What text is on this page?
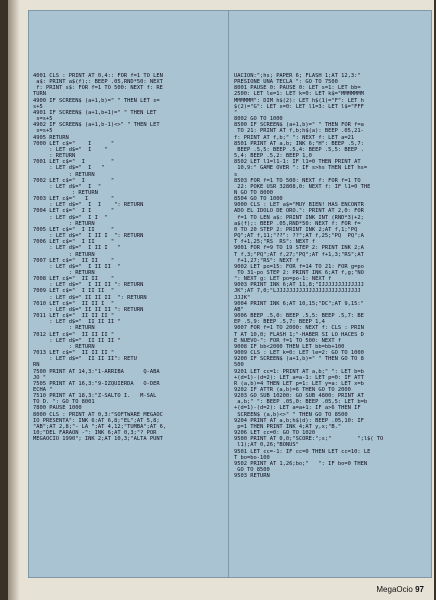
4001 CLS : PRINT AT 0,4:: FOR f=1 TO LEN
a$: PRINT a$(f);: BEEP .05,RND*50: NEXT
f: PRINT s$: FOR f=1 TO 500: NEXT f: RE
TURN
4900 IF SCREEN$ (a+1,b)=" " THEN LET s=
s+5
4901 IF SCREEN$ (a+1,b+1)=" " THEN LET
s=s+5
4902 IF SCREEN$ (a+1,b-1)<>" " THEN LET
s=s+5
4905 RETURN
7000 LET c$="    I      "
: LET d$="  I    "
: RETURN
7001 LET c$="  I        "
: LET d$="  I   "
: RETURN
7002 LET c$="  I        "
: LET d$="  I  "
: RETURN
7003 LET c$="   I       "
: LET d$="  I  I    ": RETURN
7004 LET c$="  I I      "
: LET d$="  I I  "
: RETURN
7005 LET c$="  I II     "
: LET d$="  I II I  ": RETURN
7006 LET c$="  I II     "
: LET d$="  I II I   "
: RETURN
7007 LET c$="  II II    "
: LET d$="  I II II  "
: RETURN
7008 LET c$="  II II    "
: LET d$="  I II II ": RETURN
7009 LET c$="  I II II  "
: LET d$=" II II II  ": RETURN
7010 LET c$="  II II I  "
: LET d$=" II II II ": RETURN
7011 LET c$="  II II II "
: LET d$="  II II II "
: RETURN
7012 LET c$="  II II II "
: LET d$="  II II II "
: RETURN
7013 LET c$="  II II II "
: LET d$="  II II II": RETU
RN
7500 PRINT AT 14,3:"1-ARRIBA      Q-ABA
JO "
7505 PRINT AT 16,3:"9-IZQUIERDA   O-DER
ECHA "
7510 PRINT AT 18,3:"Z-SALTO I.   M-SAL
TO D. ": GO TO 8001
7800 PAUSE 1000
8000 CLS : PRINT AT 0,3:"SOFTWARE MEGAOC
IO PRESENTA": INK 6:AT 6,8;"EL";AT 5,8;
"AB";AT 2,8;"- LA ";AT 4,12;"TUMBA";AT 6,
10;"DEL FARAON -": INK 6;AT 0,3;"? POR
MEGAOCIO 1990"; INK 2;AT 10,3;"ALTA PUNT
UACION:";hs; PAPER 6; FLASH 1;AT 12,3:"
PRESIONE UNA TECLA ": GO TO 7500
8001 PAUSE 0: PAUSE 0: LET s=1: LET bb=
2500: LET le=1: LET k=0: LET k$="MMMMMMM
MMMMMM": DIM h$(2): LET h$(1)="F": LET h
$(2)="G": LET s=0: LET l1=3: LET l$="FFF
"
8002 GO TO 1000
8500 IF SCREEN$ (a+1,b)=" " THEN FOR f=a
TO 21: PRINT AT f,b;h$(a): BEEP .05,21-
f: PRINT AT f,b;" ": NEXT f: LET a=21
8501 PRINT AT a,b; INK 6;"H": BEEP .5,7:
BEEP .5,5: BEEP .5,4: BEEP .5,5: BEEP .
5,4: BEEP .5,2: BEEP 1,0
8502 LET l1=l1-1: IF l1=0 THEN PRINT AT
10,9:" GAME OVER ": IF s>hs THEN LET hs=
s
8503 FOR f=1 TO 500: NEXT f: FOR f=1 TO
22: POKE USR 32808,0: NEXT f: IF l1=0 THE
N GO TO 8000
8504 GO TO 1000
9000 CLS : LET a$="MUY BIEN! HAS ENCONTR
ADO EL IDOLO DE ORO.": PRINT AT 2,0: FOR
f=1 TO LEN a$: PRINT INK INT (RND*3)+2;
a$(f);: BEEP .05,RND*50: NEXT f: FOR f=
0 TO 20 STEP 2: PRINT INK 2;AT f,1;"PQ
PQ";AT f,11;"??": ??";AT f,25;"PQ  PQ";A
T f+1,25;"RS  RS": NEXT f
9001 FOR f=9 TO 19 STEP 2: PRINT INK 2;A
T f,3;"PQ";AT f,27;"PQ";AT f+1,3;"RS";AT
f+1,27;"RS": NEXT f
9002 LET po=15: FOR f=14 TO 21: FOR g=po
TO 31-po STEP 2: PRINT INK 6;AT f,g;"NO
": NEXT g: LET po=po-1: NEXT f
9003 PRINT INK 6;AT 11,8;"IJJJJJJJJJJJJJ
JK";AT 7,0;"LJJJJJJJJJJJJJJJJJJJJJJJJJJ
JJJK"
9004 PRINT INK 6;AT 10,15;"DC";AT 9,15:"
AB"
9006 BEEP .5,0: BEEP .5,5: BEEP .5,7: BE
EP .5,9: BEEP .5,7: BEEP 1,4
9007 FOR f=1 TO 2000: NEXT f: CLS : PRIN
T AT 10,0; FLASH 1;"-HABER SI LO HACES D
E NUEVO-": FOR f=1 TO 500: NEXT f
9008 IF bb<2000 THEN LET bb=bb+100
9009 CLS : LET k=0: LET le=2: GO TO 1000
9200 IF SCREEN$ (a+1,b)=" " THEN GO TO 8
500
9201 LET cc=1: PRINT AT a,b;" ": LET b=b
+(d=1)-(d=2): LET a=a-1: LET p=0: IF ATT
R (a,b)=4 THEN LET p=1: LET y=a: LET x=b
9202 IF ATTR (a,b)=6 THEN GO TO 2000
9203 GO SUB 10200: GO SUB 4800: PRINT AT
a,b;" ": BEEP .05,0: BEEP .05,5: LET b=b
+(d=1)-(d=2): LET a=a+1: IF a>6 THEN IF
SCREEN$ (a,b)<>" " THEN GO TO 8500
9204 PRINT AT a,b;h$(d): BEEP .05,10: IF
p=1 THEN PRINT INK 4;AT y,x;"B."
9206 LET cc=0: GO TO 1020
9500 PRINT AT 0,0;"SCORE:";s;"        ";l$( TO
l1);AT 0,26;"BONUS"
9501 LET cc=-1: IF cc=0 THEN LET cc=10: LE
T bo=bo-100
9502 PRINT AT 1,26;bo;"   ": IF bo=0 THEN
GO TO 8500
9503 RETURN
MegaOcio 97
